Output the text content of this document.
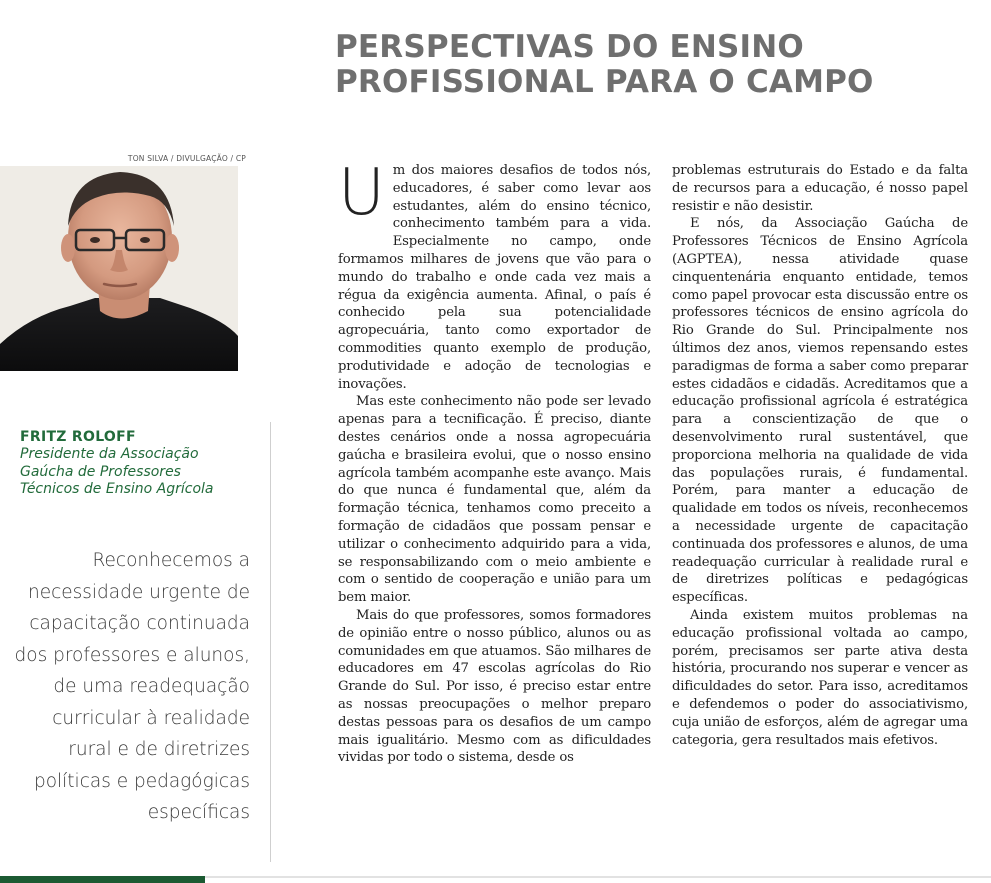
PERSPECTIVAS DO ENSINO
PROFISSIONAL PARA O CAMPO
TON SILVA / DIVULGAÇÃO / CP
FRITZ ROLOFF
Presidente da Associação
Gaúcha de Professores
Técnicos de Ensino Agrícola
Reconhecemos a necessidade urgente de capacitação continuada dos professores e alunos, de uma readequação curricular à realidade rural e de diretrizes políticas e pedagógicas específicas

Um dos maiores desafios de todos nós, educadores, é saber como levar aos estudantes, além do ensino técnico, conhecimento também para a vida. Especialmente no campo, onde formamos milhares de jovens que vão para o mundo do trabalho e onde cada vez mais a régua da exigência aumenta. Afinal, o país é conhecido pela sua potencialidade agropecuária, tanto como exportador de commodities quanto exemplo de produção, produtividade e adoção de tecnologias e inovações.

Mas este conhecimento não pode ser levado apenas para a tecnificação. É preciso, diante destes cenários onde a nossa agropecuária gaúcha e brasileira evolui, que o nosso ensino agrícola também acompanhe este avanço. Mais do que nunca é fundamental que, além da formação técnica, tenhamos como preceito a formação de cidadãos que possam pensar e utilizar o conhecimento adquirido para a vida, se responsabilizando com o meio ambiente e com o sentido de cooperação e união para um bem maior.

Mais do que professores, somos formadores de opinião entre o nosso público, alunos ou as comunidades em que atuamos. São milhares de educadores em 47 escolas agrícolas do Rio Grande do Sul. Por isso, é preciso estar entre as nossas preocupações o melhor preparo destas pessoas para os desafios de um campo mais igualitário. Mesmo com as dificuldades vividas por todo o sistema, desde os

problemas estruturais do Estado e da falta de recursos para a educação, é nosso papel resistir e não desistir.

E nós, da Associação Gaúcha de Professores Técnicos de Ensino Agrícola (AGPTEA), nessa atividade quase cinquentenária enquanto entidade, temos como papel provocar esta discussão entre os professores técnicos de ensino agrícola do Rio Grande do Sul. Principalmente nos últimos dez anos, viemos repensando estes paradigmas de forma a saber como preparar estes cidadãos e cidadãs. Acreditamos que a educação profissional agrícola é estratégica para a conscientização de que o desenvolvimento rural sustentável, que proporciona melhoria na qualidade de vida das populações rurais, é fundamental. Porém, para manter a educação de qualidade em todos os níveis, reconhecemos a necessidade urgente de capacitação continuada dos professores e alunos, de uma readequação curricular à realidade rural e de diretrizes políticas e pedagógicas específicas.

Ainda existem muitos problemas na educação profissional voltada ao campo, porém, precisamos ser parte ativa desta história, procurando nos superar e vencer as dificuldades do setor. Para isso, acreditamos e defendemos o poder do associativismo, cuja união de esforços, além de agregar uma categoria, gera resultados mais efetivos.
